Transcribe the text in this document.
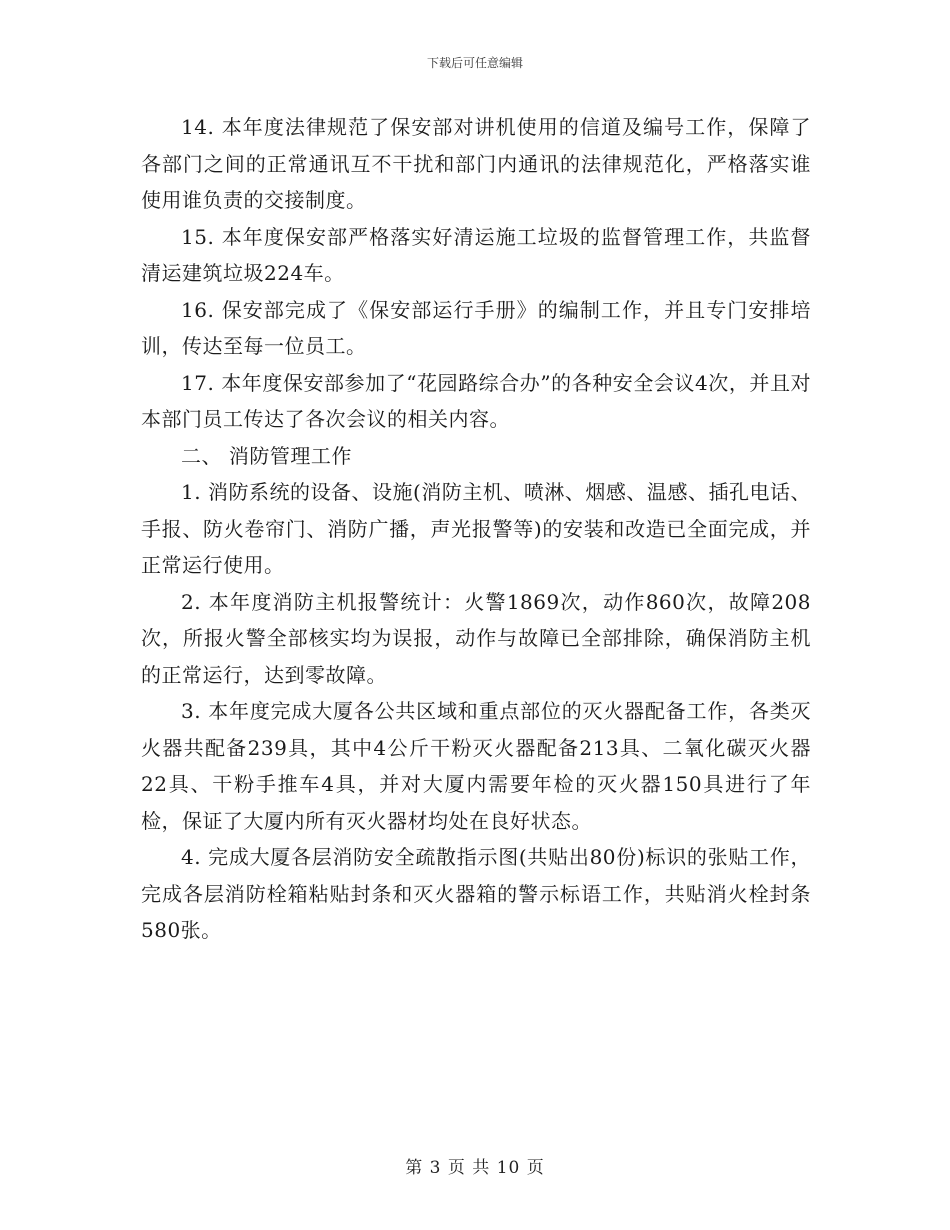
下载后可任意编辑

14. 本年度法律规范了保安部对讲机使用的信道及编号工作，保障了各部门之间的正常通讯互不干扰和部门内通讯的法律规范化，严格落实谁使用谁负责的交接制度。

15. 本年度保安部严格落实好清运施工垃圾的监督管理工作，共监督清运建筑垃圾224车。

16. 保安部完成了《保安部运行手册》的编制工作，并且专门安排培训，传达至每一位员工。

17. 本年度保安部参加了“花园路综合办”的各种安全会议4次，并且对本部门员工传达了各次会议的相关内容。

二、 消防管理工作

1. 消防系统的设备、设施(消防主机、喷淋、烟感、温感、插孔电话、手报、防火卷帘门、消防广播，声光报警等)的安装和改造已全面完成，并正常运行使用。

2. 本年度消防主机报警统计：火警1869次，动作860次，故障208次，所报火警全部核实均为误报，动作与故障已全部排除，确保消防主机的正常运行，达到零故障。

3. 本年度完成大厦各公共区域和重点部位的灭火器配备工作，各类灭火器共配备239具，其中4公斤干粉灭火器配备213具、二氧化碳灭火器22具、干粉手推车4具，并对大厦内需要年检的灭火器150具进行了年检，保证了大厦内所有灭火器材均处在良好状态。

4. 完成大厦各层消防安全疏散指示图(共贴出80份)标识的张贴工作，完成各层消防栓箱粘贴封条和灭火器箱的警示标语工作，共贴消火栓封条580张。

第 3 页 共 10 页
